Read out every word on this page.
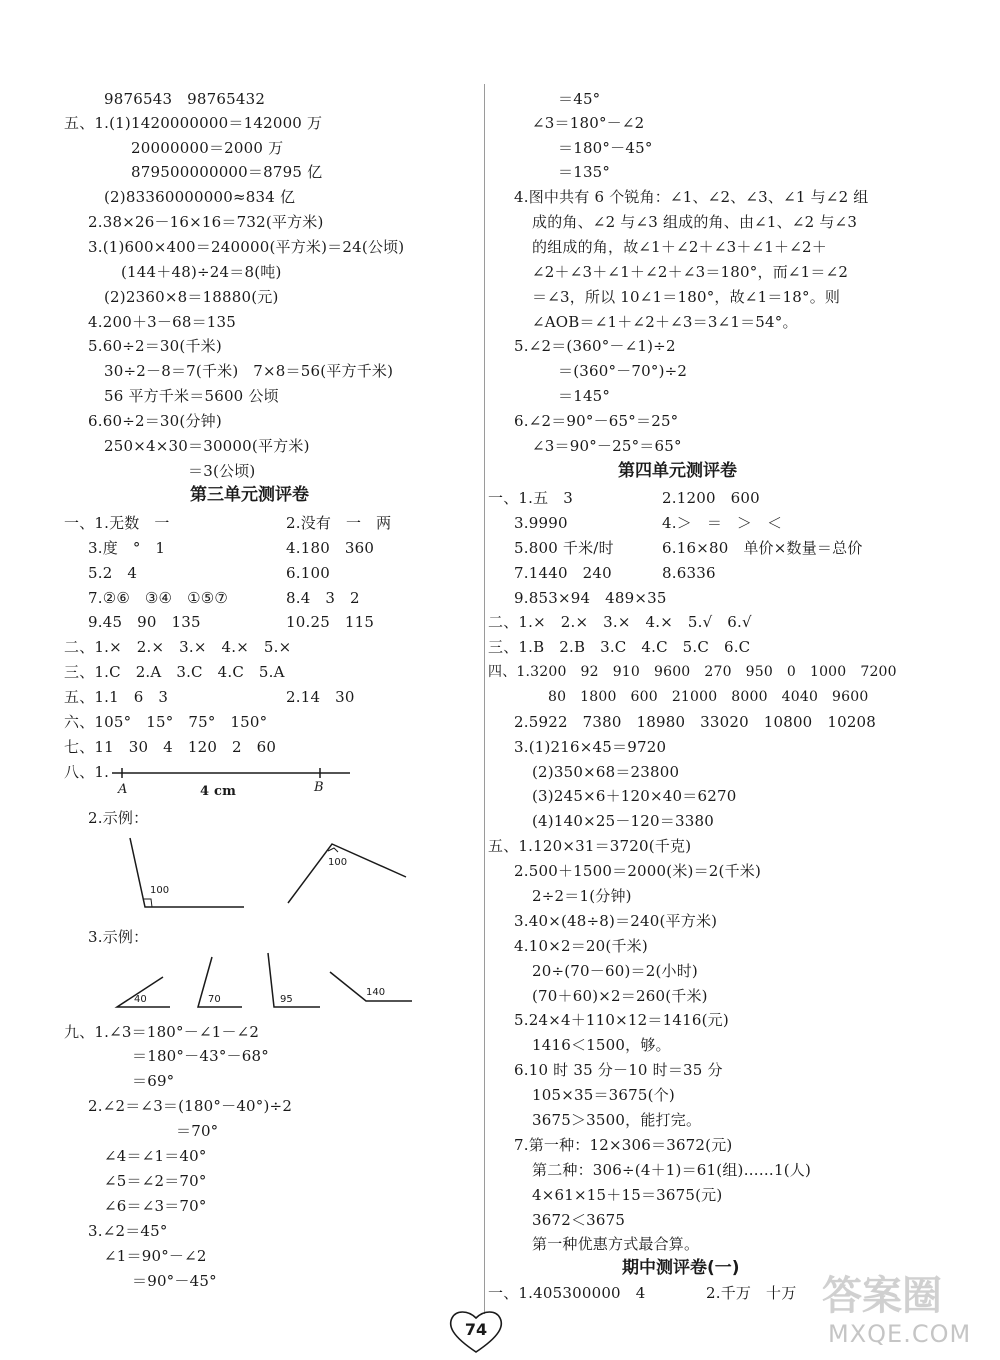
9876543   98765432
五、1.(1)1420000000＝142000 万
20000000＝2000 万
879500000000＝8795 亿
(2)83360000000≈834 亿
2.38×26－16×16＝732(平方米)
3.(1)600×400＝240000(平方米)＝24(公顷)
(144＋48)÷24＝8(吨)
(2)2360×8＝18880(元)
4.200＋3－68＝135
5.60÷2＝30(千米)
30÷2－8＝7(千米)   7×8＝56(平方千米)
56 平方千米＝5600 公顷
6.60÷2＝30(分钟)
250×4×30＝30000(平方米)
＝3(公顷)
第三单元测评卷
一、1.无数   一	2.没有   一   两
3.度   °   1	4.180   360
5.2   4	6.100
7.②⑥   ③④   ①⑤⑦	8.4   3   2
9.45   90   135	10.25   115
二、1.×   2.×   3.×   4.×   5.×
三、1.C   2.A   3.C   4.C   5.A
五、1.1   6   3	2.14   30
六、105°   15°   75°   150°
七、11   30   4   120   2   60
八、1.
A	4 cm	B
2.示例：
100
100
3.示例：
40	70	95
140
九、1.∠3＝180°－∠1－∠2
＝180°－43°－68°
＝69°
2.∠2＝∠3＝(180°－40°)÷2
＝70°
∠4＝∠1＝40°
∠5＝∠2＝70°
∠6＝∠3＝70°
3.∠2＝45°
∠1＝90°－∠2
＝90°－45°
＝45°
∠3＝180°－∠2
＝180°－45°
＝135°
4.图中共有 6 个锐角：∠1、∠2、∠3、∠1 与∠2 组
成的角、∠2 与∠3 组成的角、由∠1、∠2 与∠3
的组成的角，故∠1＋∠2＋∠3＋∠1＋∠2＋
∠2＋∠3＋∠1＋∠2＋∠3＝180°，而∠1＝∠2
＝∠3，所以 10∠1＝180°，故∠1＝18°。则
∠AOB＝∠1＋∠2＋∠3＝3∠1＝54°。
5.∠2＝(360°－∠1)÷2
＝(360°－70°)÷2
＝145°
6.∠2＝90°－65°＝25°
∠3＝90°－25°＝65°
第四单元测评卷
一、1.五   3	2.1200   600
3.9990	4.＞   ＝   ＞   ＜
5.800 千米/时	6.16×80   单价×数量＝总价
7.1440   240	8.6336
9.853×94   489×35
二、1.×   2.×   3.×   4.×   5.√   6.√
三、1.B   2.B   3.C   4.C   5.C   6.C
四、1.3200   92   910   9600   270   950   0   1000   7200
80   1800   600   21000   8000   4040   9600
2.5922   7380   18980   33020   10800   10208
3.(1)216×45＝9720
(2)350×68＝23800
(3)245×6＋120×40＝6270
(4)140×25－120＝3380
五、1.120×31＝3720(千克)
2.500＋1500＝2000(米)＝2(千米)
2÷2＝1(分钟)
3.40×(48÷8)＝240(平方米)
4.10×2＝20(千米)
20÷(70－60)＝2(小时)
(70＋60)×2＝260(千米)
5.24×4＋110×12＝1416(元)
1416＜1500，够。
6.10 时 35 分－10 时＝35 分
105×35＝3675(个)
3675＞3500，能打完。
7.第一种：12×306＝3672(元)
第二种：306÷(4＋1)＝61(组)……1(人)
4×61×15＋15＝3675(元)
3672＜3675
第一种优惠方式最合算。
期中测评卷(一)
一、1.405300000   4	2.千万   十万
74
答案圈
MXQE.COM
